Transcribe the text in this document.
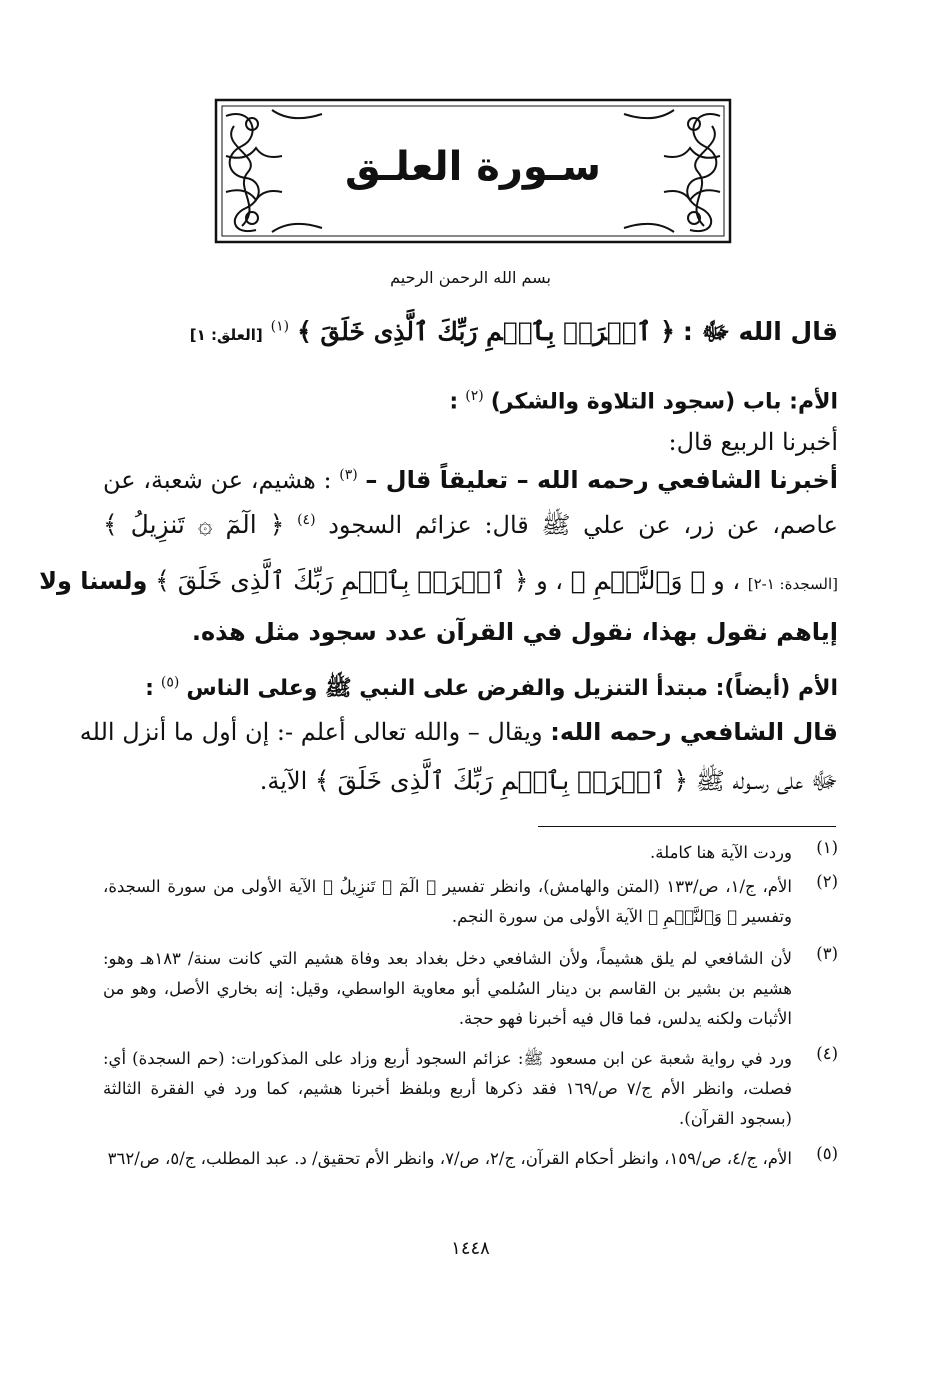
سـورة العلـق
بسم الله الرحمن الرحيم
قال الله ﷻ : ﴿ ٱقۡرَأۡ بِٱسۡمِ رَبِّكَ ٱلَّذِى خَلَقَ ﴾ $^{(١)}$ [العلق: ١]
الأم: باب (سجود التلاوة والشكر) $^{(٢)}$ :
أخبرنا الربيع قال:
أخبرنا الشافعي رحمه الله – تعليقاً قال – $^{(٣)}$ : هشيم، عن شعبة، عن
عاصم، عن زر، عن علي ﷺ قال: عزائم السجود $^{(٤)}$ ﴿ الٓمٓ ۞ تَنزِيلُ ﴾
[السجدة: ١-٢] ، و ﴿ وَٱلنَّجۡمِ ﴾ ، و ﴿ ٱقۡرَأۡ بِٱسۡمِ رَبِّكَ ٱلَّذِى خَلَقَ ﴾ ولسنا ولا
إياهم نقول بهذا، نقول في القرآن عدد سجود مثل هذه.
الأم (أيضاً): مبتدأ التنزيل والفرض على النبي ﷺ وعلى الناس $^{(٥)}$ :
قال الشافعي رحمه الله: ويقال – والله تعالى أعلم -: إن أول ما أنزل الله
ﷻ على رسـوله ﷺ ﴿ ٱقۡرَأۡ بِٱسۡمِ رَبِّكَ ٱلَّذِى خَلَقَ ﴾ الآية.
(١)
وردت الآية هنا كاملة.
(٢)
الأم، ج/١، ص/١٣٣ (المتن والهامش)، وانظر تفسير ﴿ الٓمٓ ۞ تَنزِيلُ ﴾ الآية الأولى من سورة السجدة، وتفسير ﴿ وَٱلنَّجۡمِ ﴾ الآية الأولى من سورة النجم.
(٣)
لأن الشافعي لم يلق هشيماً، ولأن الشافعي دخل بغداد بعد وفاة هشيم التي كانت سنة/ ١٨٣هـ وهو: هشيم بن بشير بن القاسم بن دينار السُلمي أبو معاوية الواسطي، وقيل: إنه بخاري الأصل، وهو من الأثبات ولكنه يدلس، فما قال فيه أخبرنا فهو حجة.
(٤)
ورد في رواية شعبة عن ابن مسعود ﷺ: عزائم السجود أربع وزاد على المذكورات: (حم السجدة) أي: فصلت، وانظر الأم ج/٧ ص/١٦٩ فقد ذكرها أربع وبلفظ أخبرنا هشيم، كما ورد في الفقرة الثالثة (بسجود القرآن).
(٥)
الأم، ج/٤، ص/١٥٩، وانظر أحكام القرآن، ج/٢، ص/٧، وانظر الأم تحقيق/ د. عبد المطلب، ج/٥، ص/٣٦٢
١٤٤٨
